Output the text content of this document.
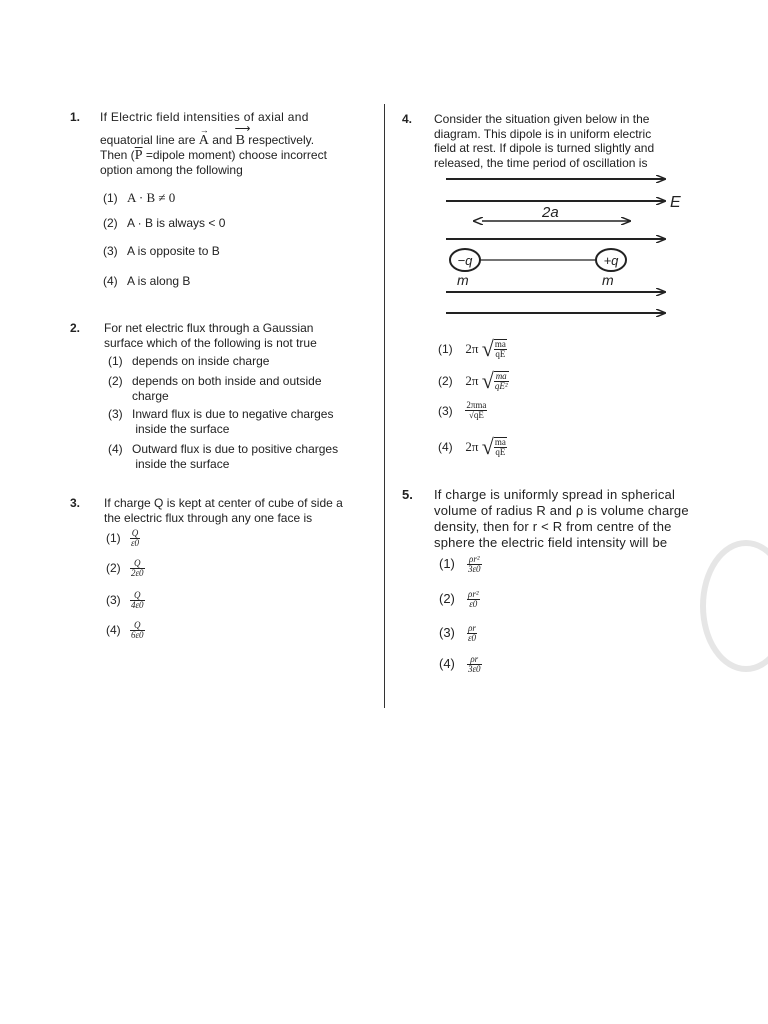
1. If Electric field intensities of axial and
equatorial line are → A and ⟶ B respectively.
Then ($\overline{P}$ =dipole moment) choose incorrect
option among the following
(1) A · B ≠ 0
(2) A · B is always < 0
(3) A is opposite to B
(4) A is along B
2. For net electric flux through a Gaussian
surface which of the following is not true
(1) depends on inside charge
(2) depends on both inside and outside
charge
(3) Inward flux is due to negative charges
inside the surface
(4) Outward flux is due to positive charges
inside the surface
3. If charge Q is kept at center of cube of side a
the electric flux through any one face is
$(1) \frac{Q}{\varepsilon 0}$
$(2) \frac{Q}{2\varepsilon 0}$
$(3) \frac{Q}{4\varepsilon 0}$
$(4) \frac{Q}{6\varepsilon 0}$
4. Consider the situation given below in the
diagram. This dipole is in uniform electric
field at rest. If dipole is turned slightly and
released, the time period of oscillation is
E
2a
−q	+q
m	m
(1) 2π √ $\frac{ma}{qE}$
(2) 2π √ $\frac{ma}{\text{qE²}}$
$(3) \frac{\text{2πma}}{√qE}$
(4) 2π √ $\frac{ma}{qE}$
5. If charge is uniformly spread in spherical
volume of radius R and ρ is volume charge
density, then for r < R from centre of the
sphere the electric field intensity will be
$(1) \frac{\text{ρr²}}{3\varepsilon 0}$
$(2) \frac{\text{ρr²}}{\varepsilon 0}$
$(3) \frac{\rho r}{\varepsilon 0}$
$(4) \frac{\rho r}{3\varepsilon 0}$
